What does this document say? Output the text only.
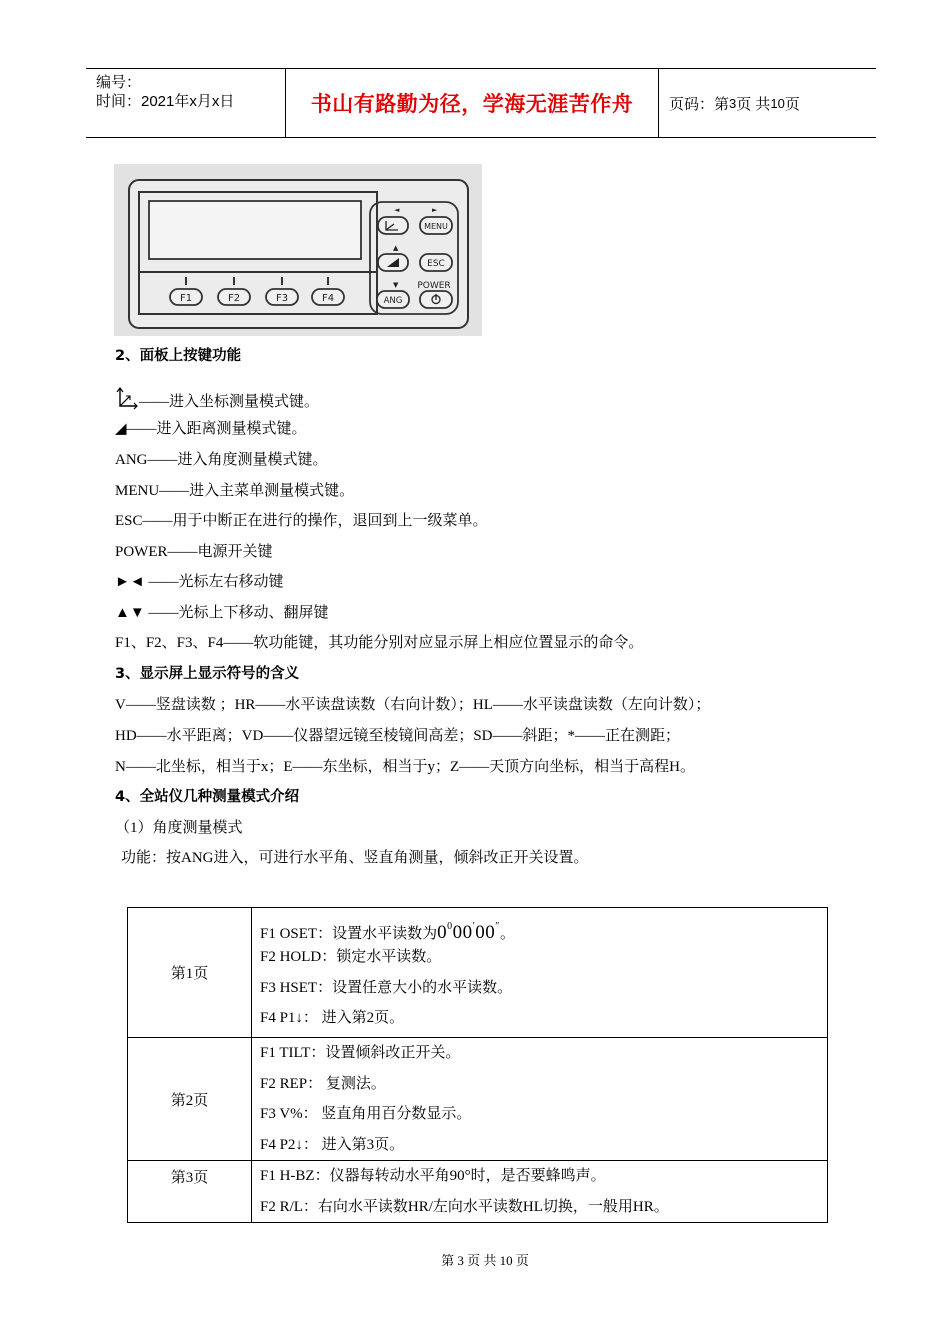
编号：
时间：2021年x月x日	书山有路勤为径，学海无涯苦作舟 页码：第 3 页 共 10 页
F1	F2	F3	F4
◄	►
▲
▼
MENU
ESC
POWER
ANG
2、面板上按键功能
——进入坐标测量模式键。
◢——进入距离测量模式键。
ANG——进入角度测量模式键。
MENU——进入主菜单测量模式键。
ESC——用于中断正在进行的操作，退回到上一级菜单。
POWER——电源开关键
►◄ ——光标左右移动键
▲▼ ——光标上下移动、翻屏键
F1、F2、F3、F4——软功能键，其功能分别对应显示屏上相应位置显示的命令。
3、显示屏上显示符号的含义
V——竖盘读数 ；HR——水平读盘读数（右向计数）；HL——水平读盘读数（左向计数）；
HD——水平距离；VD——仪器望远镜至棱镜间高差；SD——斜距；*——正在测距；
N——北坐标，相当于x；E——东坐标，相当于y；Z——天顶方向坐标，相当于高程H。
4、全站仪几种测量模式介绍
（1）角度测量模式
功能：按ANG进入，可进行水平角、竖直角测量，倾斜改正开关设置。
第1页	F1 OSET：设置水平读数为$0^000'00''$。
F2 HOLD：锁定水平读数。
F3 HSET：设置任意大小的水平读数。
F4 P1↓： 进入第2页。

第2页	F1 TILT：设置倾斜改正开关。
F2 REP： 复测法。
F3 V%： 竖直角用百分数显示。
F4 P2↓： 进入第3页。

第3页	F1 H-BZ：仪器每转动水平角90°时，是否要蜂鸣声。
F2 R/L：右向水平读数HR/左向水平读数HL切换，一般用HR。
第 3 页 共 10 页
